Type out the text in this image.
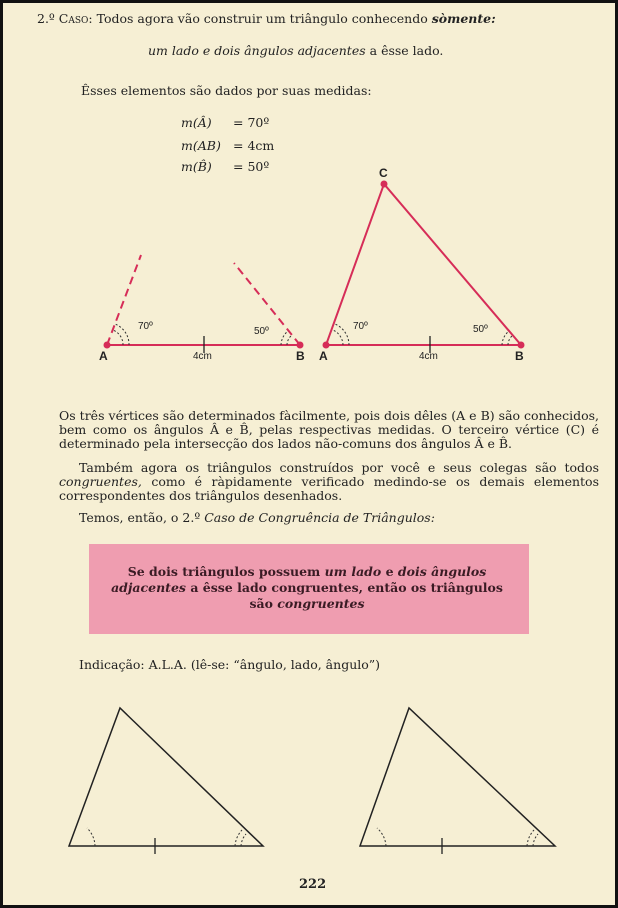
2.º Caso: Todos agora vão construir um triângulo conhecendo sòmente:
um lado e dois ângulos adjacentes a êsse lado.
Êsses elementos são dados por suas medidas:
m(Â) = 70º
m(AB) = 4cm
m(B̂) = 50º
A	B
70º	50º
4cm	A	B
C
70º	50º
4cm
Os três vértices são determinados fàcilmente, pois dois dêles (A e B) são conhecidos, bem como os ângulos Â e B̂, pelas respectivas medidas. O terceiro vértice (C) é determinado pela intersecção dos lados não-comuns dos ângulos Â e B̂.
Também agora os triângulos construídos por você e seus colegas são todos congruentes, como é ràpidamente verificado medindo-se os demais elementos correspondentes dos triângulos desenhados.
Temos, então, o 2.º Caso de Congruência de Triângulos:
Se dois triângulos possuem um lado e dois ângulos adjacentes a êsse lado congruentes, então os triângulos são congruentes
Indicação: A.L.A. (lê-se: “ângulo, lado, ângulo”)
222
